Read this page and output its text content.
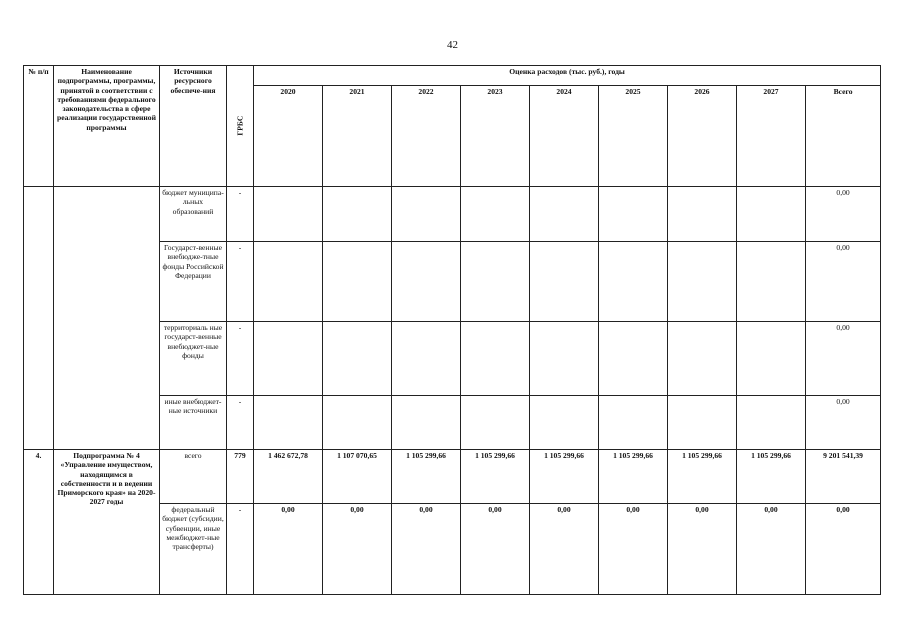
42
№ п/п	Наименование подпрограммы, программы, принятой в соответствии с требованиями федерального законодательства в сфере реализации государственной программы	Источники ресурсного обеспече-ния	ГРБС	Оценка расходов (тыс. руб.), годы								
				2020	2021	2022	2023	2024	2025	2026	2027	Всего
		бюджет муниципа-льных образований	-									0,00
		Государст-венные внебюдже-тные фонды Российской Федерации	-									0,00
		территориаль ные государст-венные внебюджет-ные фонды	-									0,00
		иные внебюджет-ные источники	-									0,00
4.	Подпрограмма № 4 «Управление имуществом, находящимся в собственности и в ведении Приморского края» на 2020-2027 годы	всего	779	1 462 672,78	1 107 070,65	1 105 299,66	1 105 299,66	1 105 299,66	1 105 299,66	1 105 299,66	1 105 299,66	9 201 541,39
		федеральный бюджет (субсидии, субвенции, иные межбюджет-ные трансферты)	-	0,00	0,00	0,00	0,00	0,00	0,00	0,00	0,00	0,00
